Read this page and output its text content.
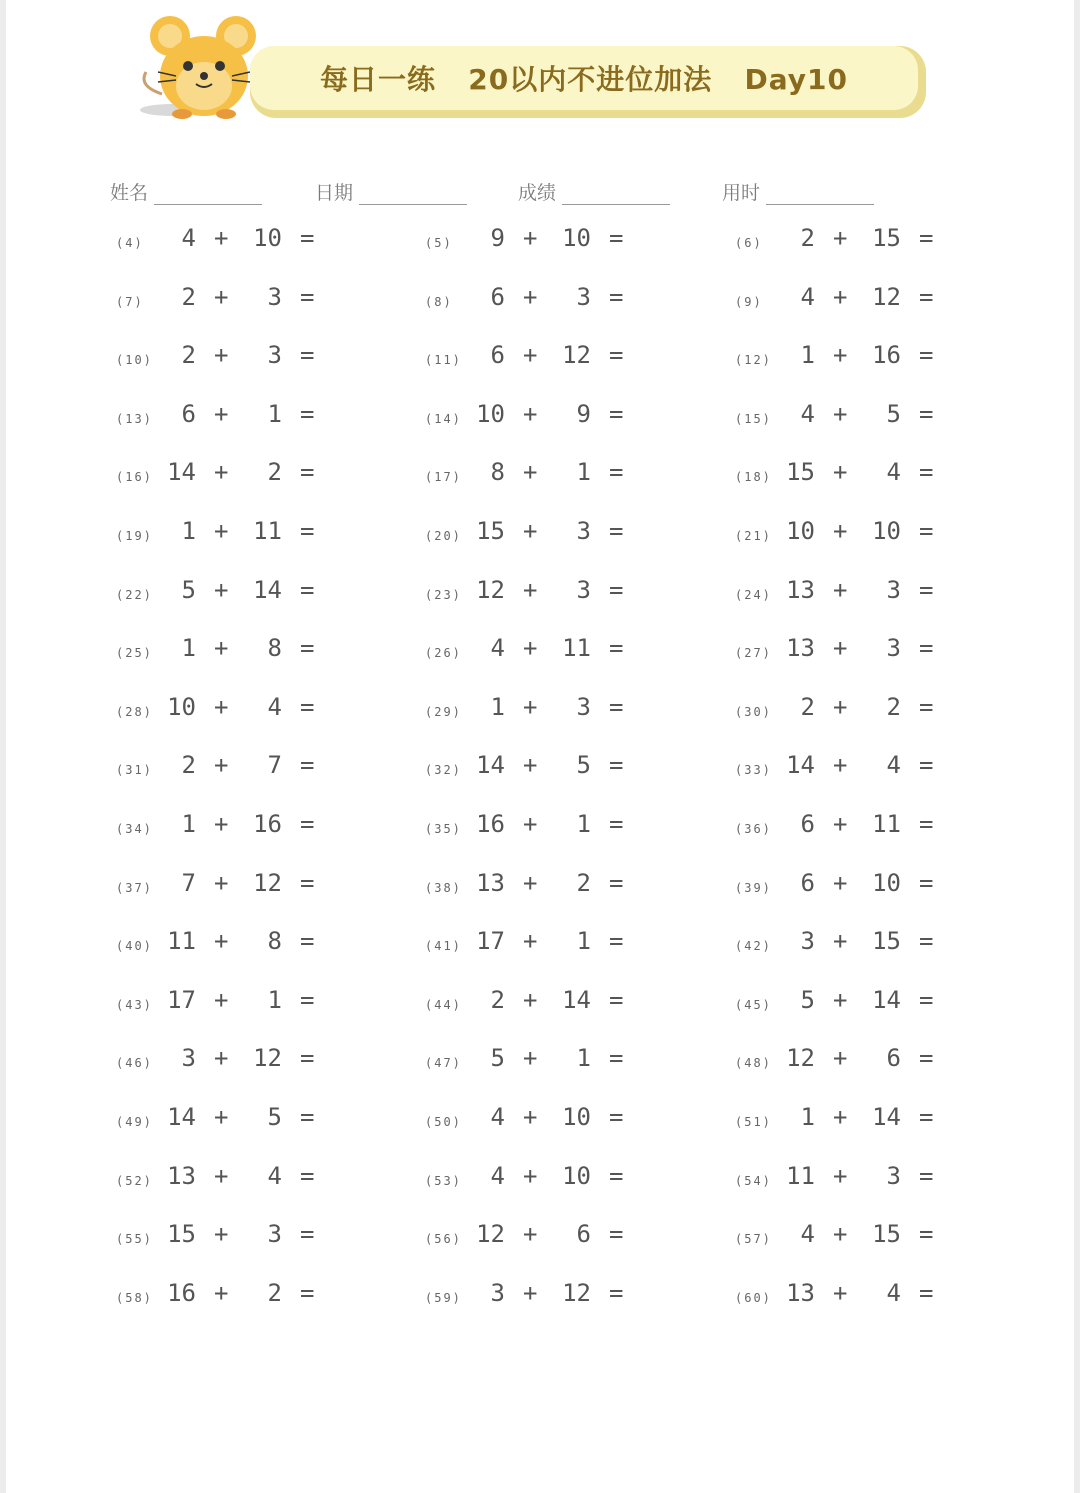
每日一练   20以内不进位加法   Day10
姓名	日期	成绩	用时
(4)	4 + 10 =	(5)	9 + 10 =	(6)	2 + 15 =
(7)	2 +	3 =	(8)	6 +	3 =	(9)	4 + 12 =
(10)	2 +	3 =	(11)	6 + 12 =	(12)	1 + 16 =
(13)	6 +	1 =	(14) 10 +	9 =	(15)	4 +	5 =
(16) 14 +	2 =	(17)	8 +	1 =	(18) 15 +	4 =
(19)	1 + 11 =	(20) 15 +	3 =	(21) 10 + 10 =
(22)	5 + 14 =	(23) 12 +	3 =	(24) 13 +	3 =
(25)	1 +	8 =	(26)	4 + 11 =	(27) 13 +	3 =
(28) 10 +	4 =	(29)	1 +	3 =	(30)	2 +	2 =
(31)	2 +	7 =	(32) 14 +	5 =	(33) 14 +	4 =
(34)	1 + 16 =	(35) 16 +	1 =	(36)	6 + 11 =
(37)	7 + 12 =	(38) 13 +	2 =	(39)	6 + 10 =
(40) 11 +	8 =	(41) 17 +	1 =	(42)	3 + 15 =
(43) 17 +	1 =	(44)	2 + 14 =	(45)	5 + 14 =
(46)	3 + 12 =	(47)	5 +	1 =	(48) 12 +	6 =
(49) 14 +	5 =	(50)	4 + 10 =	(51)	1 + 14 =
(52) 13 +	4 =	(53)	4 + 10 =	(54) 11 +	3 =
(55) 15 +	3 =	(56) 12 +	6 =	(57)	4 + 15 =
(58) 16 +	2 =	(59)	3 + 12 =	(60) 13 +	4 =
